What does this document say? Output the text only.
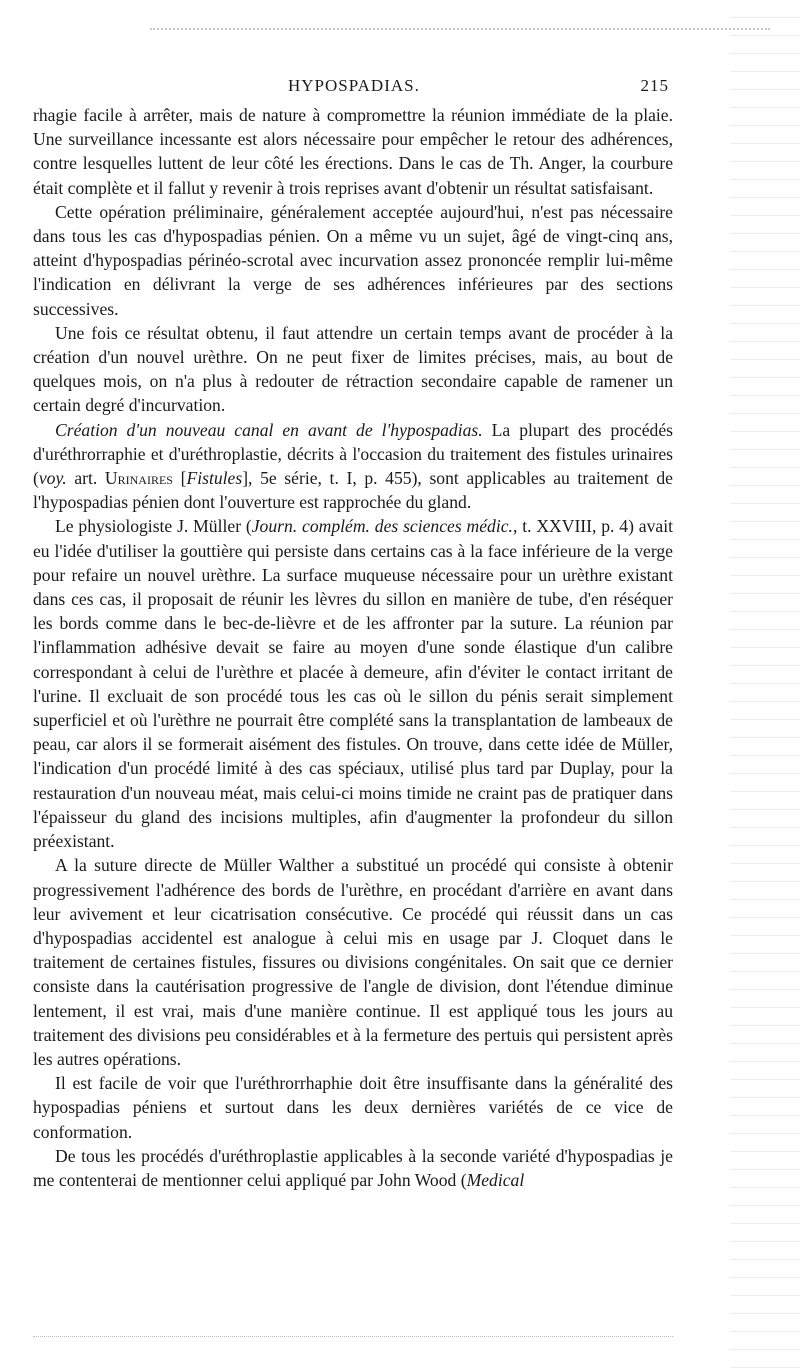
HYPOSPADIAS.	215

rhagie facile à arrêter, mais de nature à compromettre la réunion immédiate de la plaie. Une surveillance incessante est alors nécessaire pour empêcher le retour des adhérences, contre lesquelles luttent de leur côté les érections. Dans le cas de Th. Anger, la courbure était complète et il fallut y revenir à trois reprises avant d'obtenir un résultat satisfaisant.

Cette opération préliminaire, généralement acceptée aujourd'hui, n'est pas nécessaire dans tous les cas d'hypospadias pénien. On a même vu un sujet, âgé de vingt-cinq ans, atteint d'hypospadias périnéo-scrotal avec incurvation assez prononcée remplir lui-même l'indication en délivrant la verge de ses adhérences inférieures par des sections successives.

Une fois ce résultat obtenu, il faut attendre un certain temps avant de procéder à la création d'un nouvel urèthre. On ne peut fixer de limites précises, mais, au bout de quelques mois, on n'a plus à redouter de rétraction secondaire capable de ramener un certain degré d'incurvation.

Création d'un nouveau canal en avant de l'hypospadias. La plupart des procédés d'uréthrorraphie et d'uréthroplastie, décrits à l'occasion du traitement des fistules urinaires (voy. art. Urinaires [Fistules], 5e série, t. I, p. 455), sont applicables au traitement de l'hypospadias pénien dont l'ouverture est rapprochée du gland.

Le physiologiste J. Müller (Journ. complém. des sciences médic., t. XXVIII, p. 4) avait eu l'idée d'utiliser la gouttière qui persiste dans certains cas à la face inférieure de la verge pour refaire un nouvel urèthre. La surface muqueuse nécessaire pour un urèthre existant dans ces cas, il proposait de réunir les lèvres du sillon en manière de tube, d'en réséquer les bords comme dans le bec-de-lièvre et de les affronter par la suture. La réunion par l'inflammation adhésive devait se faire au moyen d'une sonde élastique d'un calibre correspondant à celui de l'urèthre et placée à demeure, afin d'éviter le contact irritant de l'urine. Il excluait de son procédé tous les cas où le sillon du pénis serait simplement superficiel et où l'urèthre ne pourrait être complété sans la transplantation de lambeaux de peau, car alors il se formerait aisément des fistules. On trouve, dans cette idée de Müller, l'indication d'un procédé limité à des cas spéciaux, utilisé plus tard par Duplay, pour la restauration d'un nouveau méat, mais celui-ci moins timide ne craint pas de pratiquer dans l'épaisseur du gland des incisions multiples, afin d'augmenter la profondeur du sillon préexistant.

A la suture directe de Müller Walther a substitué un procédé qui consiste à obtenir progressivement l'adhérence des bords de l'urèthre, en procédant d'arrière en avant dans leur avivement et leur cicatrisation consécutive. Ce procédé qui réussit dans un cas d'hypospadias accidentel est analogue à celui mis en usage par J. Cloquet dans le traitement de certaines fistules, fissures ou divisions congénitales. On sait que ce dernier consiste dans la cautérisation progressive de l'angle de division, dont l'étendue diminue lentement, il est vrai, mais d'une manière continue. Il est appliqué tous les jours au traitement des divisions peu considérables et à la fermeture des pertuis qui persistent après les autres opérations.

Il est facile de voir que l'uréthrorrhaphie doit être insuffisante dans la généralité des hypospadias péniens et surtout dans les deux dernières variétés de ce vice de conformation.

De tous les procédés d'uréthroplastie applicables à la seconde variété d'hypospadias je me contenterai de mentionner celui appliqué par John Wood (Medical
